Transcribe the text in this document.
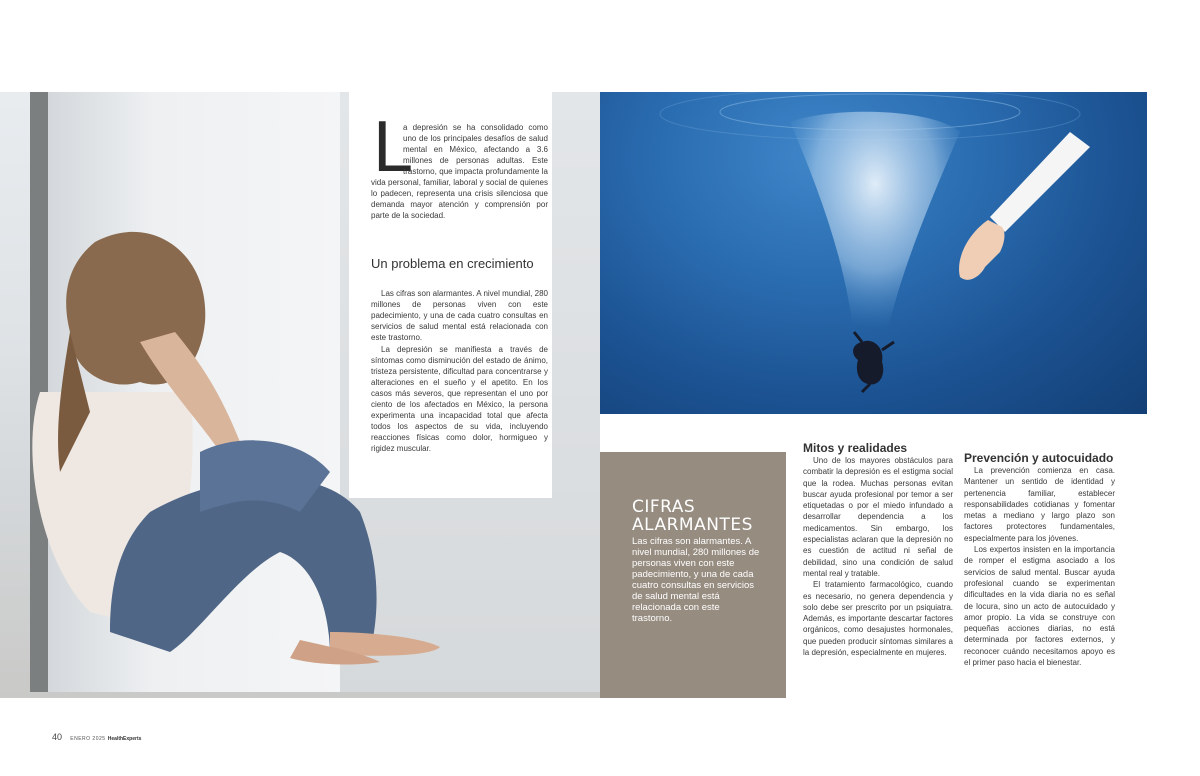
L

a depresión se ha consolidado como uno de los principales desafíos de salud mental en México, afectando a 3.6 millones de personas adultas. Este trastorno, que impacta profundamente la vida personal, familiar, laboral y social de quienes lo padecen, representa una crisis silenciosa que demanda mayor atención y comprensión por parte de la sociedad.

Un problema en crecimiento

Las cifras son alarmantes. A nivel mundial, 280 millones de personas viven con este padecimiento, y una de cada cuatro consultas en servicios de salud mental está relacionada con este trastorno.

La depresión se manifiesta a través de síntomas como disminución del estado de ánimo, tristeza persistente, dificultad para concentrarse y alteraciones en el sueño y el apetito. En los casos más severos, que representan el uno por ciento de los afectados en México, la persona experimenta una incapacidad total que afecta todos los aspectos de su vida, incluyendo reacciones físicas como dolor, hormigueo y rigidez muscular.

CIFRAS
ALARMANTES
Las cifras son alarmantes. A nivel mundial, 280 millones de personas viven con este padecimiento, y una de cada cuatro consultas en servicios de salud mental está relacionada con este trastorno.
Mitos y realidades

Uno de los mayores obstáculos para combatir la depresión es el estigma social que la rodea. Muchas personas evitan buscar ayuda profesional por temor a ser etiquetadas o por el miedo infundado a desarrollar dependencia a los medicamentos. Sin embargo, los especialistas aclaran que la depresión no es cuestión de actitud ni señal de debilidad, sino una condición de salud mental real y tratable.

El tratamiento farmacológico, cuando es necesario, no genera dependencia y solo debe ser prescrito por un psiquiatra. Además, es importante descartar factores orgánicos, como desajustes hormonales, que pueden producir síntomas similares a la depresión, especialmente en mujeres.

Prevención y autocuidado

La prevención comienza en casa. Mantener un sentido de identidad y pertenencia familiar, establecer responsabilidades cotidianas y fomentar metas a mediano y largo plazo son factores protectores fundamentales, especialmente para los jóvenes.

Los expertos insisten en la importancia de romper el estigma asociado a los servicios de salud mental. Buscar ayuda profesional cuando se experimentan dificultades en la vida diaria no es señal de locura, sino un acto de autocuidado y amor propio. La vida se construye con pequeñas acciones diarias, no está determinada por factores externos, y reconocer cuándo necesitamos apoyo es el primer paso hacia el bienestar.

40 ENERO 2025 HealthExperts
